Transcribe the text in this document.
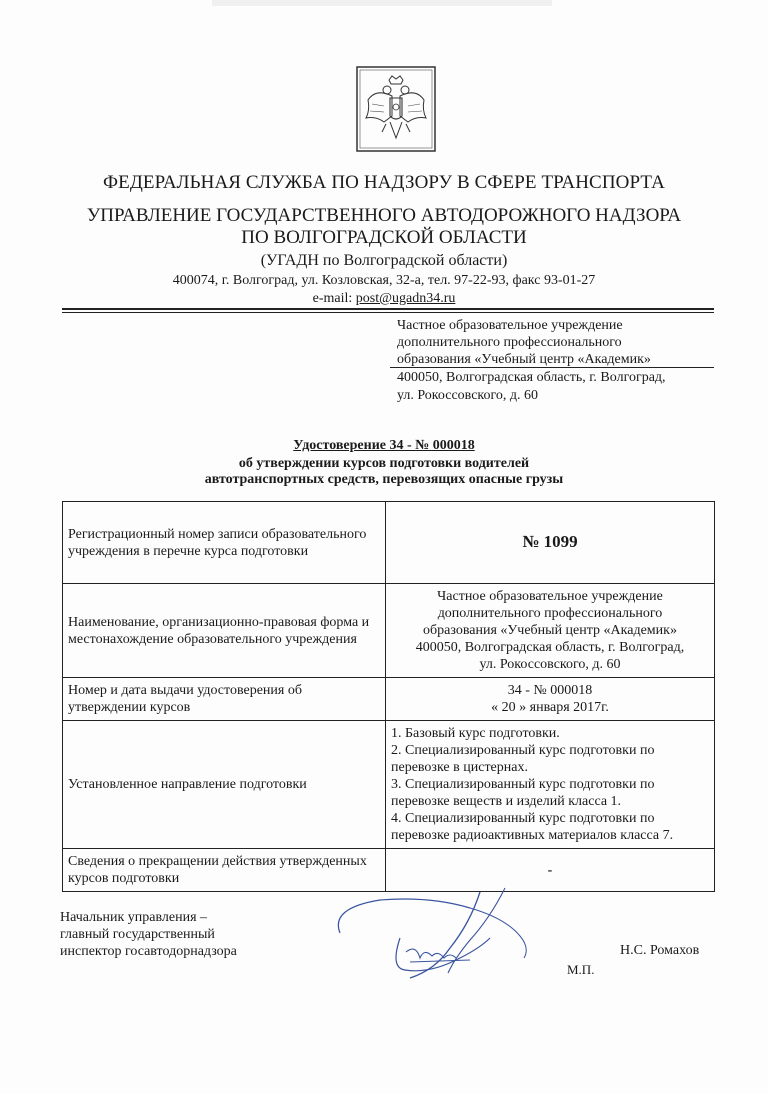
ФЕДЕРАЛЬНАЯ СЛУЖБА ПО НАДЗОРУ В СФЕРЕ ТРАНСПОРТА
УПРАВЛЕНИЕ ГОСУДАРСТВЕННОГО АВТОДОРОЖНОГО НАДЗОРА
ПО ВОЛГОГРАДСКОЙ ОБЛАСТИ
(УГАДН по Волгоградской области)
400074, г. Волгоград, ул. Козловская, 32-а, тел. 97-22-93, факс 93-01-27
e-mail: post@ugadn34.ru
Частное образовательное учреждение
дополнительного профессионального
образования «Учебный центр «Академик»
400050, Волгоградская область, г. Волгоград,
ул. Рокоссовского, д. 60
Удостоверение 34 - № 000018
об утверждении курсов подготовки водителей
автотранспортных средств, перевозящих опасные грузы
Регистрационный номер записи образовательного учреждения в перечне курса подготовки	№ 1099
Наименование, организационно-правовая форма и местонахождение образовательного учреждения	Частное образовательное учреждение
дополнительного профессионального
образования «Учебный центр «Академик»
400050, Волгоградская область, г. Волгоград,
ул. Рокоссовского, д. 60

Номер и дата выдачи удостоверения об утверждении курсов	34 - № 000018
« 20 » января 2017г.

Установленное направление подготовки	1. Базовый курс подготовки.
2. Специализированный курс подготовки по перевозке в цистернах.
3. Специализированный курс подготовки по перевозке веществ и изделий класса 1.
4. Специализированный курс подготовки по перевозке радиоактивных материалов класса 7.

Сведения о прекращении действия утвержденных курсов подготовки	-
Начальник управления –
главный государственный
инспектор госавтодорнадзора	Н.С. Ромахов
М.П.
